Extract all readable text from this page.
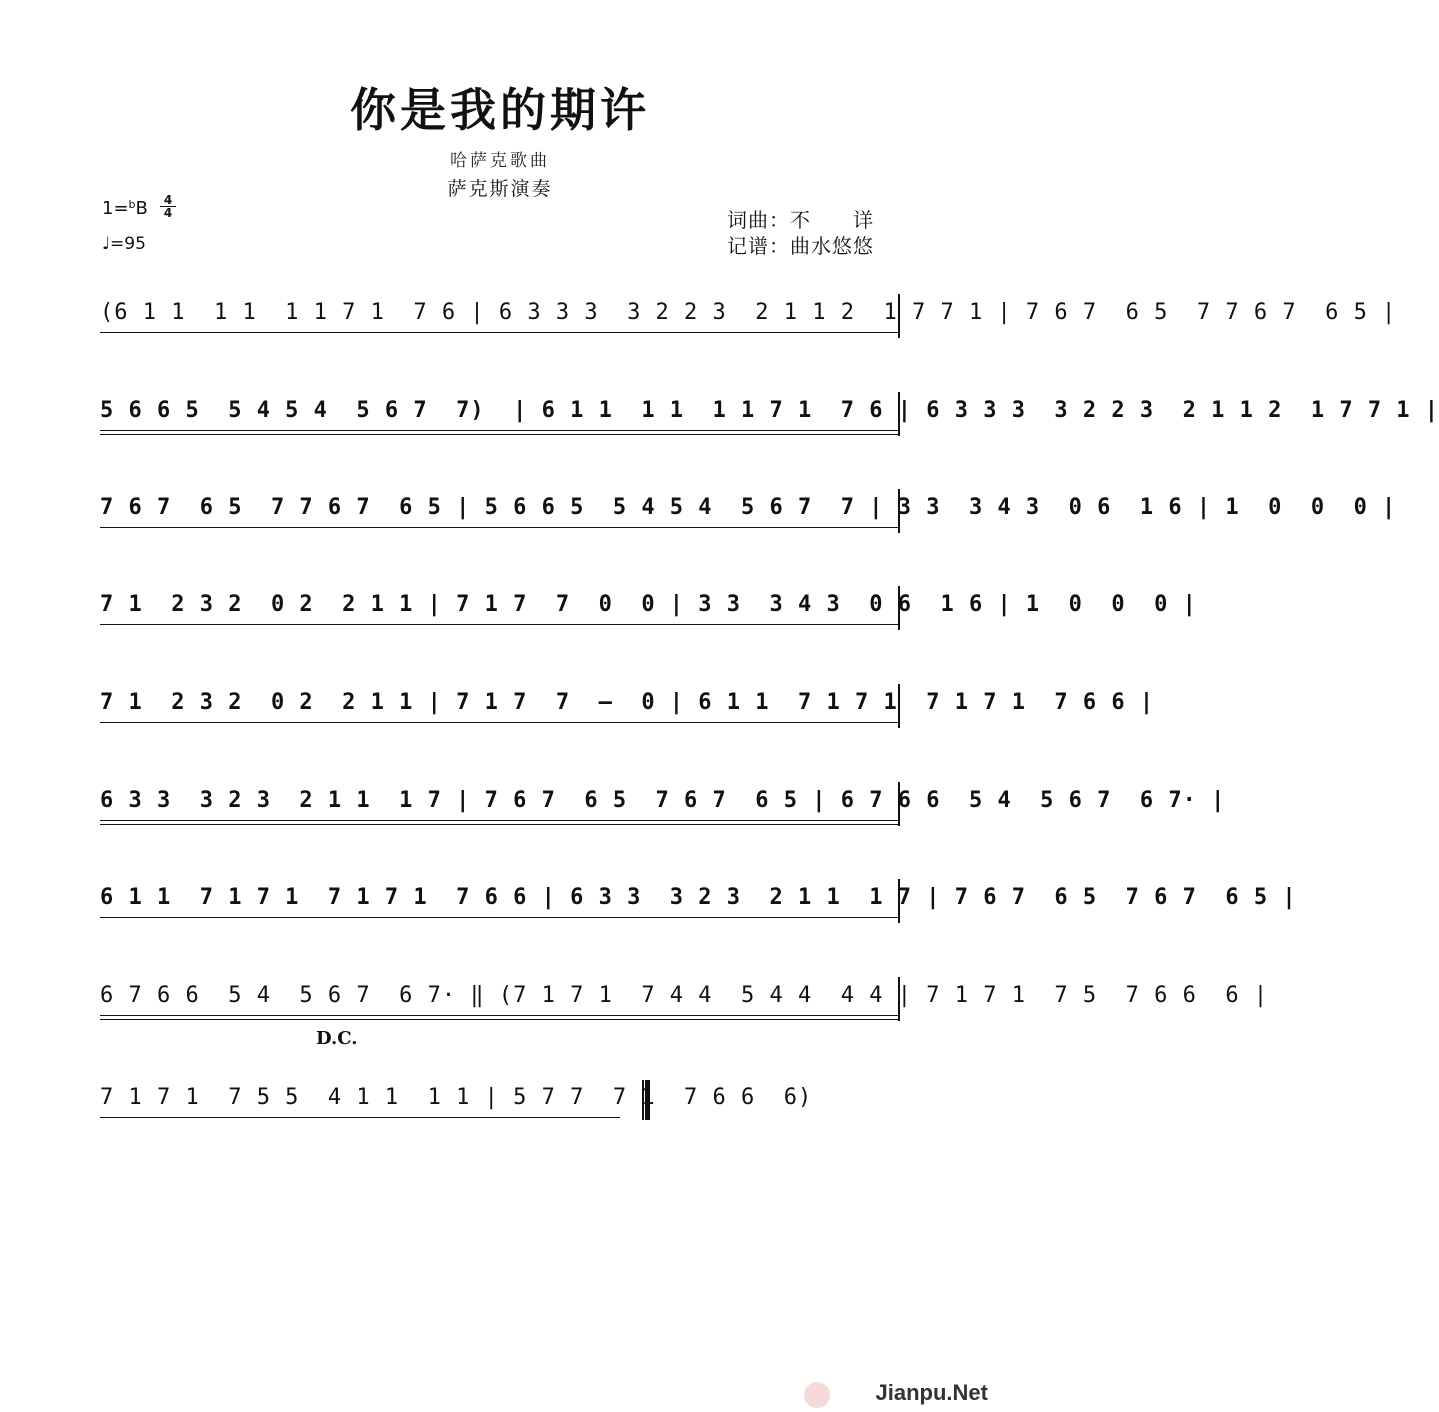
你是我的期许
哈萨克歌曲
萨克斯演奏
1=$^b$B	4
4
♩=95
词曲：不　　详
记谱：曲水悠悠
(6 1 1  1 1  1 1 7 1  7 6 | 6 3 3 3  3 2 2 3  2 1 1 2  1 7 7 1 | 7 6 7  6 5  7 7 6 7  6 5 |
5 6 6 5  5 4 5 4  5 6 7  7)  | 6 1 1  1 1  1 1 7 1  7 6 | 6 3 3 3  3 2 2 3  2 1 1 2  1 7 7 1 |
7 6 7  6 5  7 7 6 7  6 5 | 5 6 6 5  5 4 5 4  5 6 7  7 | 3 3  3 4 3  0 6  1 6 | 1  0  0  0 |
7 1  2 3 2  0 2  2 1 1 | 7 1 7  7  0  0 | 3 3  3 4 3  0 6  1 6 | 1  0  0  0 |
7 1  2 3 2  0 2  2 1 1 | 7 1 7  7  –  0 | 6 1 1  7 1 7 1  7 1 7 1  7 6 6 |
6 3 3  3 2 3  2 1 1  1 7 | 7 6 7  6 5  7 6 7  6 5 | 6 7 6 6  5 4  5 6 7  6 7· |
6 1 1  7 1 7 1  7 1 7 1  7 6 6 | 6 3 3  3 2 3  2 1 1  1 7 | 7 6 7  6 5  7 6 7  6 5 |
6 7 6 6  5 4  5 6 7  6 7· ‖ (7 1 7 1  7 4 4  5 4 4  4 4 | 7 1 7 1  7 5  7 6 6  6 |
D.C.
7 1 7 1  7 5 5  4 1 1  1 1 | 5 7 7  7 1  7 6 6  6)
Jianpu.Net
